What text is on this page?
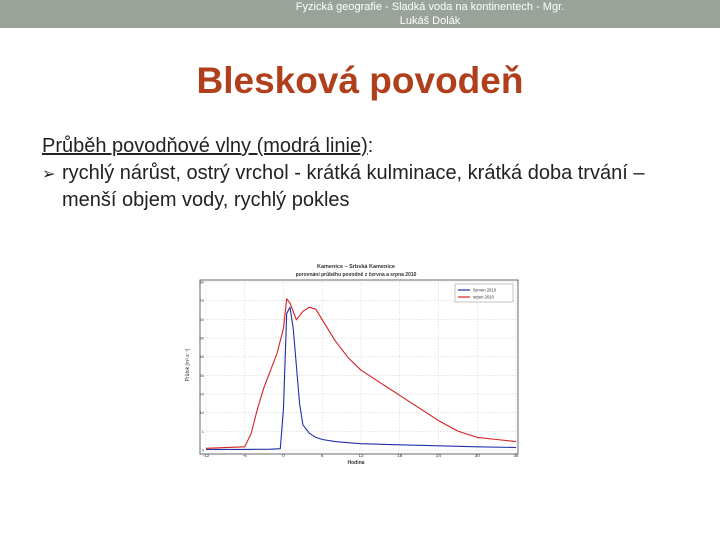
Fyzická geografie - Sladká voda na kontinentech - Mgr.
Lukáš Dolák
Blesková povodeň
Průběh povodňové vlny (modrá linie):
➢ rychlý nárůst, ostrý vrchol - krátká kulminace, krátká doba trvání – menší objem vody, rychlý pokles
Kamenice – Srbská Kamenice
porovnání průběhu povodně z června a srpna 2010
0
1
10
20
30
40
50
60
70
80
-12	-6	0	6	12	18	24	30	36
červen 2010
srpen 2010
Průtok [m³.s⁻¹]
Hodina
